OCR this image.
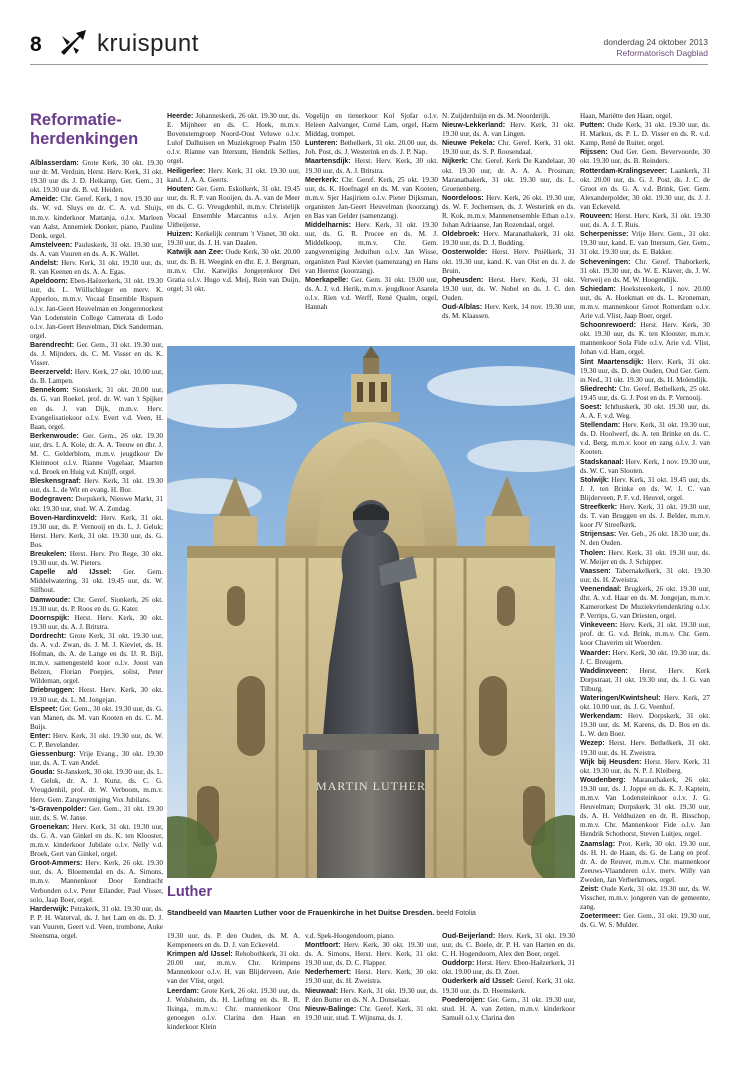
8 kruispunt	donderdag 24 oktober 2013
Reformatorisch Dagblad
Reformatie-herdenkingen

Alblasserdam: Grote Kerk, 30 okt. 19.30 uur dr. M. Verduin, Herst. Herv. Kerk, 31 okt. 19.30 uur ds. J. D. Heikamp, Ger. Gem., 31 okt. 19.30 uur ds. B. vd. Heiden.

Ameide: Chr. Geref. Kerk, 1 nov. 19.30 uur ds. W. vd. Sluys en dr. C. A. v.d. Sluijs, m.m.v. kinderkoor Mattanja, o.l.v. Marleen van Aalst, Annemiek Donker, piano, Pauline Donk, orgel.

Amstelveen: Pauluskerk, 31 okt. 19.30 uur, ds. A. van Vuuren en ds. A. K. Wallet.

Andelst: Herv. Kerk, 31 okt. 19.30 uur, ds. R. van Keenen en ds. A. A. Egas.

Apeldoorn: Eben-Haëzerkerk, 31 okt. 19.30 uur, ds. L. Wüllschleger en merv. K. Apperloo, m.m.v. Vocaal Ensemble Rispsen o.l.v. Jan-Geert Heuvelman en Jongerenorkest Van Lodenstein College Camerata di Lodo o.l.v. Jan-Geert Heuvelman, Dick Sanderman, orgel.

Barendrecht: Ger. Gem., 31 okt. 19.30 uur, ds. J. Mijnders, ds. C. M. Visser en ds. K. Visser.

Beerzerveld: Herv. Kerk, 27 okt. 10.00 uur, ds. B. Lampen.

Bennekom: Sionskerk, 31 okt. 20.00 uur, ds. G. van Roekel, prof. dr. W. van 't Spijker en ds. J. van Dijk, m.m.v. Herv. Evangelisatiekoor o.l.v. Evert v.d. Veen, H. Baan, orgel.

Berkenwoude: Ger. Gem., 26 okt. 19.30 uur, drs. I. A. Kole, dr. A. A. Teeuw en dhr. J. M. C. Gelderblom, m.m.v. jeugdkoor De Kleinnoot o.l.v. Rianne Vogelaar, Maarten v.d. Broek en Huig v.d. Knijff, orgel.

Bleskensgraaf: Herv. Kerk, 31 okt. 19.30 uur, ds. L. de Wit en evang. H. Bor.

Bodegraven: Dorpskerk, Nieuwe Markt, 31 okt. 19.30 uur, stud. W. A. Zondag.

Boven-Hardinxveld: Herv. Kerk, 31 okt. 19.30 uur, ds. P. Vernooij en ds. L. J. Geluk; Herst. Herv. Kerk, 31 okt. 19.30 uur, ds. G. Bos.

Breukelen: Herst. Herv. Pro Rege, 30 okt. 19.30 uur, ds. W. Pieters.

Capelle a/d IJssel: Ger. Gem. Middelwatering, 31 okt. 19.45 uur, ds. W. Silfhout.

Damwoude: Chr. Geref. Sionkerk, 26 okt. 19.30 uur, ds. P. Roos en ds. G. Kater.

Doornspijk: Herst. Herv. Kerk, 30 okt. 19.30 uur, ds. A. J. Britstra.

Dordrecht: Grote Kerk, 31 okt. 19.30 uur, ds. A. v.d. Zwan, ds. J. M. J. Kieviet, ds. H. Hofman, ds. A. de Lange en ds. IJ. R. Bijl, m.m.v. samengesteld koor o.l.v. Joost van Belzen, Florian Poepjes, solist, Peter Wildeman, orgel.

Driebruggen: Herst. Herv. Kerk, 30 okt. 19.30 uur, ds. L. M. Jongejan.

Elspeet: Ger. Gem., 30 okt. 19.30 uur, ds. G. van Manen, ds. M. van Kooten en ds. C. M. Buijs.

Enter: Herv. Kerk, 31 okt. 19.30 uur, ds. W. C. P. Bevelander.

Giessenburg: Vrije Evang., 30 okt. 19.30 uur, ds. A. T. van Andel.

Gouda: St-Janskerk, 30 okt. 19.30 uur, ds. L. J. Geluk, dr. A. J. Kunz, ds. C. G. Vreugdenhil, prof. dr. W. Verboom, m.m.v. Herv. Gem. Zangvereniging Vox Jubilans.

's-Gravenpolder: Ger. Gem., 31 okt. 19.30 uur, ds. S. W. Janse.

Groenekan: Herv. Kerk, 31 okt. 19.30 uur, ds. G. A. van Ginkel en ds. K. ten Klooster, m.m.v. kinderkoor Jubilate o.l.v. Nelly v.d. Broek, Gert van Ginkel, orgel.

Groot-Ammers: Herv. Kerk, 26 okt. 19.30 uur, ds. A. Bloemendal en ds. A. Simons, m.m.v. Mannenkoor Door Eendracht Verbonden o.l.v. Peter Eilander, Paul Visser, solo, Jaap Boer, orgel.

Harderwijk: Petrakerk, 31 okt. 19.30 uur, ds. P. P. H. Waterval, ds. J. het Lam en ds. D. J. van Vuuren, Geert v.d. Veen, trombone, Auke Steensma, orgel.

Heerde: Johanneskerk, 26 okt. 19.30 uur, ds. E. Mijnheer en ds. C. Hoek, m.m.v. Bovenstemgroep Noord-Oost Veluwe o.l.v. Lulof Dalhuisen en Muziekgroep Psalm 150 o.l.v. Rianne van Ittersum, Hendrik Sellies, orgel.

Heiligerlee: Herv. Kerk, 31 okt. 19.30 uur, kand. J. A. A. Geerts.

Houten: Ger. Gem. Eskolkerk, 31 okt. 19.45 uur, ds. R. P. van Rooijen, ds. A. van de Meer en ds. C. G. Vreugdenhil, m.m.v. Christelijk Vocaal Ensemble Marcantus o.l.v. Arjen Uitbeijerse.

Huizen: Kerkelijk centrum 't Visnet, 30 okt. 19.30 uur, ds. J. H. van Daalen.

Katwijk aan Zee: Oude Kerk, 30 okt. 20.00 uur, ds. B. H. Weegink en dhr. E. J. Bergman, m.m.v. Chr. Katwijks Jongerenkoor Dei Gratia o.l.v. Hugo v.d. Meij, Rein van Duijn, orgel; 31 okt.

Vogelijn en tienerkoor Kol Sjofar o.l.v. Heleen Aalvanger, Corné Lam, orgel, Harm Middag, trompet.

Lunteren: Bethelkerk, 31 okt. 20.00 uur, ds. Joh. Post, ds. J. Westerink en ds. J. P. Nap.

Maartensdijk: Herst. Herv. Kerk, 30 okt. 19.30 uur, ds. A. J. Britstra.

Meerkerk: Chr. Geref. Kerk, 25 okt. 19.30 uur, ds. K. Hoefnagel en ds. M. van Kooten, m.m.v. Sjer Hasjiriem o.l.v. Pieter Dijksman, organisten Jan-Geert Heuvelman (koorzang) en Bas van Gelder (samenzang).

Middelharnis: Herv. Kerk, 31 okt. 19.30 uur, ds. G. R. Procee en ds. M. J. Middelkoop, m.m.v. Chr. Gem. zangvereniging Jeduthun o.l.v. Jan Wisse, organisten Paul Kieviet (samenzang) en Hans van Heemst (koorzang).

Moerkapelle: Ger. Gem. 31 okt. 19.00 uur, ds. A. J. v.d. Herik, m.m.v. jeugdkoor Asarela o.l.v. Rien v.d. Werff, René Qualm, orgel, Hannah

N. Zuijderduijn en ds. M. Noorderijk.

Nieuw-Lekkerland: Herv. Kerk, 31 okt. 19.30 uur, ds. A. van Lingen.

Nieuwe Pekela: Chr. Geref. Kerk, 31 okt. 19.30 uur, ds. S. P. Roosendaal.

Nijkerk: Chr. Geref. Kerk De Kandelaar, 30 okt. 19.30 uur, dr. A. A. A. Prosman; Maranathakerk, 31 okt. 19.30 uur, ds. L. Groenenberg.

Noordeloos: Herv. Kerk, 26 okt. 19.30 uur, ds. W. F. Jochemsen, ds. J. Westerink en ds. R. Kok, m.m.v. Mannenensemble Ethan o.l.v. Johan Adriaanse, Jan Rozendaal, orgel.

Oldebroek: Herv. Maranathakerk, 31 okt. 19.30 uur, ds. D. J. Budding.

Oosterwolde: Herst. Herv. Pniëlkerk, 31 okt. 19.30 uur, kand. K. van Olst en ds. J. de Bruin.

Opheusden: Herst. Herv. Kerk, 31 okt. 19.30 uur, ds. W. Nobel en ds. J. C. den Ouden.

Oud-Alblas: Herv. Kerk, 14 nov. 19.30 uur, ds. M. Klaassen.

Haan, Mariëtte den Haan, orgel.

Putten: Oude Kerk, 31 okt. 19.30 uur, ds. H. Markus, ds. P. L. D. Visser en ds. R. v.d. Kamp, René de Ruiter, orgel.

Rijssen: Oud Ger. Gem. Bevervoorde, 30 okt. 19.30 uur, ds. B. Reinders.

Rotterdam-Kralingseveer: Laankerk, 31 okt. 20.00 uur, ds. G. J. Post, ds. J. C. de Groot en ds. G. A. v.d. Brink, Ger. Gem. Alexanderpolder, 30 okt. 19.30 uur, ds. J. J. van Eckeveld.

Rouveen: Herst. Herv. Kerk, 31 okt. 19.30 uur, ds. A. J. T. Ruis.

Scherpenisse: Vrije Herv. Gem., 31 okt. 19.30 uur, kand. E. van Ittersum, Ger. Gem., 31 okt. 19.30 uur, ds. E. Bakker.

Scheveningen: Chr. Geref. Thaborkerk, 31 okt. 19.30 uur, ds. W. E. Klaver, ds. J. W. Verweij en ds. M. W. Hoogendijk.

Schiedam: Hoeksteenkerk, 1 nov. 20.00 uur, ds. A. Hoekman en ds. L. Kroneman, m.m.v. mannenkoor Groot Rotterdam o.l.v. Arie v.d. Vlist, Jaap Boer, orgel.

Schoonrewoerd: Herst. Herv. Kerk, 30 okt. 19.30 uur, ds. K. ten Klooster, m.m.v. mannenkoor Sola Fide o.l.v. Arie v.d. Vlist, Johan v.d. Ham, orgel.

Sint Maartensdijk: Herv. Kerk, 31 okt. 19.30 uur, ds. D. den Ouden, Oud Ger. Gem. in Ned., 31 okt. 19.30 uur, ds. H. Molendijk.

Sliedrecht: Chr. Geref. Bethelkerk, 25 okt. 19.45 uur, ds. G. J. Post en ds. P. Vernooij.

Soest: Ichthuskerk, 30 okt. 19.30 uur, ds. A. A. F. v.d. Weg.

Stellendam: Herv. Kerk, 31 okt. 19.30 uur, ds. D. Hoolwerf, ds. A. ten Brinke en ds. C. v.d. Berg, m.m.v. koor en zang o.l.v. J. van Kooten.

Stadskanaal: Herv. Kerk, 1 nov. 19.30 uur, ds. W. C. van Slooten.

Stolwijk: Herv. Kerk, 31 okt. 19.45 uur, ds. J. J. ten Brinke en ds. W. J. C. van Blijderveen, P. F. v.d. Heuvel, orgel.

Streefkerk: Herv. Kerk, 31 okt. 19.30 uur, ds. T. van Bruggen en ds. J. Belder, m.m.v. koor JV Streefkerk.

Strijensas: Ver. Geb., 26 okt. 18.30 uur, ds. N. den Ouden.

Tholen: Herv. Kerk, 31 okt. 19.30 uur, ds. W. Meijer en ds. J. Schipper.

Vaassen: Tabernakelkerk, 31 okt. 19.30 uur, ds. H. Zweistra.

Veenendaal: Brugkerk, 26 okt. 19.30 uur, dhr. A. v.d. Haar en ds. M. Jongejan, m.m.v. Kamerorkest De Muziekvriendenkring o.l.v. P. Verrips, G. van Driesten, orgel.

Vinkeveen: Herv. Kerk, 31 okt. 19.30 uur, prof. dr. G. v.d. Brink, m.m.v. Chr. Gem. koor Chaverim uit Woerden.

Waarder: Herv. Kerk, 30 okt. 19.30 uur, ds. J. C. Breugem.

Waddinxveen: Herst. Herv. Kerk Dorpstraat, 31 okt. 19.30 uur, ds. J. G. van Tilburg.

Wateringen/Kwintsheul: Herv. Kerk, 27 okt. 10.00 uur, ds. J. G. Veenhof.

Werkendam: Herv. Dorpskerk, 31 okt. 19.30 uur, ds. M. Karens, ds. D. Bos en ds. L. W. den Boer.

Wezep: Herst. Herv. Bethelkerk, 31 okt. 19.30 uur, ds. H. Zweistra.

Wijk bij Heusden: Herst. Herv. Kerk, 31 okt. 19.30 uur, ds. N. P. J. Kleiberg.

Woudenberg: Maranathakerk, 26 okt. 19.30 uur, ds. J. Joppe en ds. K. J. Kaptein, m.m.v. Van Lodensteinkoor o.l.v. J. G. Heuvelman; Dorpskerk, 31 okt. 19.30 uur, ds. A. H. Veldhuizen en dr. R. Bisschop, m.m.v. Chr. Mannenkoor Fide o.l.v. Jan Hendrik Schothorst, Steven Luitjes, orgel.

Zaamslag: Prot. Kerk, 30 okt. 19.30 uur, ds. H. H. de Haan, ds. G. de Lang en prof. dr. A. de Reuver, m.m.v. Chr. mannenkoor Zeeuws-Vlaanderen o.l.v. merv. Willy van Zweden, Jan Verberkmoes, orgel.

Zeist: Oude Kerk, 31 okt. 19.30 uur, ds. W. Visscher, m.m.v. jongeren van de gemeente, zang.

Zoetermeer: Ger. Gem., 31 okt. 19.30 uur, ds. G. W. S. Mulder.

19.30 uur, ds. P. den Ouden, ds. M. A. Kempeneers en ds. D. J. van Eckeveld.

Krimpen a/d IJssel: Rehobothkerk, 31 okt. 20.00 uur, m.m.v. Chr. Krimpens Mannenkoor o.l.v. H. van Blijderveen, Arie van der Vlist, orgel.

Leerdam: Grote Kerk, 26 okt. 19.30 uur, ds. J. Wolsheim, ds. H. Liefting en ds. R. R. Ilsinga, m.m.v.: Chr. mannenkoor Ons genoegen o.l.v. Clarina den Haan en kinderkoor Klein

v.d. Spek-Hoogendoorn, piano.

Montfoort: Herv. Kerk, 30 okt. 19.30 uur, ds. A. Simons, Herst. Herv. Kerk, 31 okt. 19.30 uur, ds. D. C. Flapper.

Nederhemert: Herst. Herv. Kerk, 30 okt. 19.30 uur, ds. H. Zweistra.

Nieuwaal: Herv. Kerk, 31 okt. 19.30 uur, ds. P. den Butter en ds. N. A. Donselaar.

Nieuw-Balinge: Chr. Geref. Kerk, 31 okt. 19.30 uur, stud. T. Wijnsma, ds. J.

Oud-Beijerland: Herv. Kerk, 31 okt. 19.30 uur, ds. C. Boele, dr. P. H. van Harten en ds. C. H. Hogendoorn, Alex den Boer, orgel.

Ouddorp: Herst. Herv. Eben-Haëzerkerk, 31 okt. 19.00 uur, ds. D. Zoet.

Ouderkerk a/d IJssel: Geref. Kerk, 31 okt. 19.30 uur, ds. D. Heemskerk.

Poederoijen: Ger. Gem., 31 okt. 19.30 uur, stud. H. A. van Zetten, m.m.v. kinderkoor Samuël o.l.v. Clarina den

MARTIN LUTHER
Luther
Standbeeld van Maarten Luther voor de Frauenkirche in het Duitse Dresden. beeld Fotolia
